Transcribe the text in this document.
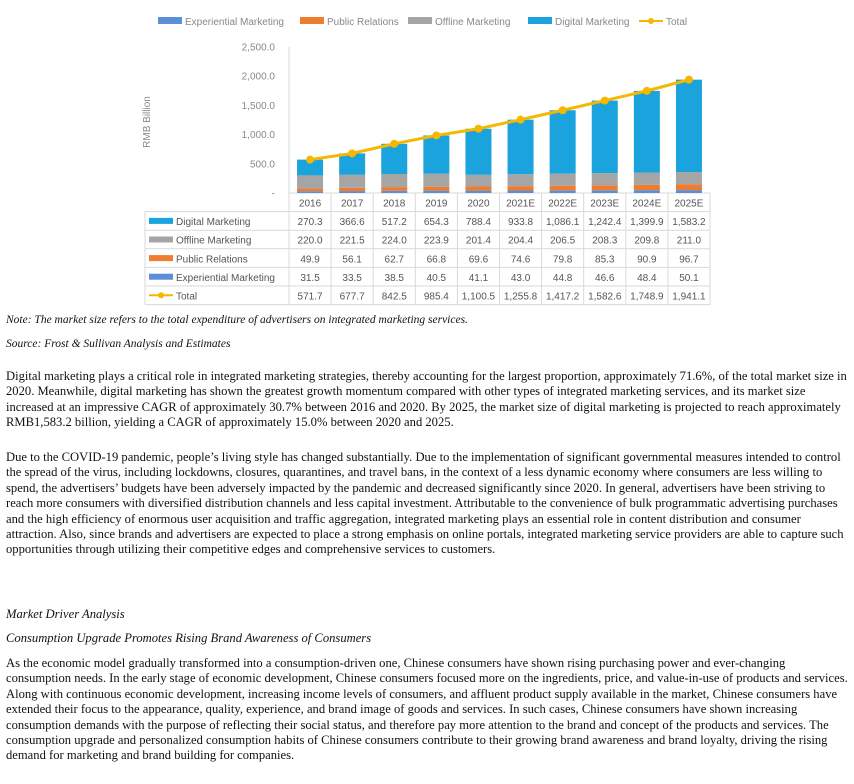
Experiential Marketing	Public Relations	Offline Marketing	Digital Marketing	Total
RMB Billion
-
500.0
1,000.0
1,500.0
2,000.0
2,500.0
2016 2017 2018 2019 2020 2021E 2022E 2023E 2024E 2025E
Digital Marketing	270.3 366.6 517.2 654.3 788.4 933.8 1,086.1 1,242.4 1,399.9 1,583.2
Offline Marketing	220.0 221.5 224.0 223.9 201.4 204.4 206.5 208.3 209.8 211.0
Public Relations	49.9 56.1 62.7 66.8 69.6 74.6 79.8 85.3 90.9 96.7
Experiential Marketing	31.5 33.5 38.5 40.5 41.1 43.0 44.8 46.6 48.4 50.1
Total	571.7 677.7 842.5 985.4 1,100.5 1,255.8 1,417.2 1,582.6 1,748.9 1,941.1

Note: The market size refers to the total expenditure of advertisers on integrated marketing services.

Source: Frost & Sullivan Analysis and Estimates

Digital marketing plays a critical role in integrated marketing strategies, thereby accounting for the largest proportion, approximately 71.6%, of the total market size in 2020. Meanwhile, digital marketing has shown the greatest growth momentum compared with other types of integrated marketing services, and its market size increased at an impressive CAGR of approximately 30.7% between 2016 and 2020. By 2025, the market size of digital marketing is projected to reach approximately RMB1,583.2 billion, yielding a CAGR of approximately 15.0% between 2020 and 2025.

Due to the COVID-19 pandemic, people’s living style has changed substantially. Due to the implementation of significant governmental measures intended to control the spread of the virus, including lockdowns, closures, quarantines, and travel bans, in the context of a less dynamic economy where consumers are less willing to spend, the advertisers’ budgets have been adversely impacted by the pandemic and decreased significantly since 2020. In general, advertisers have been striving to reach more consumers with diversified distribution channels and less capital investment. Attributable to the convenience of bulk programmatic advertising purchases and the high efficiency of enormous user acquisition and traffic aggregation, integrated marketing plays an essential role in content distribution and consumer attraction. Also, since brands and advertisers are expected to place a strong emphasis on online portals, integrated marketing service providers are able to capture such opportunities through utilizing their competitive edges and comprehensive services to customers.

Market Driver Analysis

Consumption Upgrade Promotes Rising Brand Awareness of Consumers

As the economic model gradually transformed into a consumption-driven one, Chinese consumers have shown rising purchasing power and ever-changing consumption needs. In the early stage of economic development, Chinese consumers focused more on the ingredients, price, and value-in-use of products and services. Along with continuous economic development, increasing income levels of consumers, and affluent product supply available in the market, Chinese consumers have extended their focus to the appearance, quality, experience, and brand image of goods and services. In such cases, Chinese consumers have shown increasing consumption demands with the purpose of reflecting their social status, and therefore pay more attention to the brand and concept of the products and services. The consumption upgrade and personalized consumption habits of Chinese consumers contribute to their growing brand awareness and brand loyalty, driving the rising demand for marketing and brand building for companies.
